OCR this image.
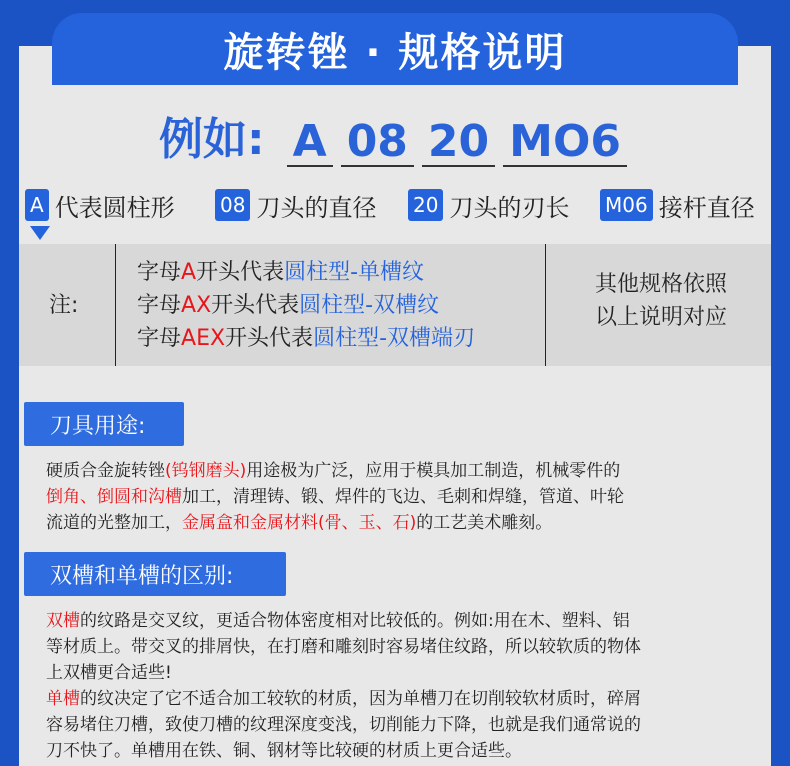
旋转锉 · 规格说明
例如: A 08 20 MO6
A 代表圆柱形 08 刀头的直径 20 刀头的刃长 M06 接杆直径
注:
字母A开头代表圆柱型-单槽纹
字母AX开头代表圆柱型-双槽纹
字母AEX开头代表圆柱型-双槽端刃
其他规格依照
以上说明对应
刀具用途:
硬质合金旋转锉(钨钢磨头)用途极为广泛，应用于模具加工制造，机械零件的
倒角、倒圆和沟槽加工，清理铸、锻、焊件的飞边、毛刺和焊缝，管道、叶轮
流道的光整加工，金属盒和金属材料(骨、玉、石)的工艺美术雕刻。
双槽和单槽的区别:
双槽的纹路是交叉纹，更适合物体密度相对比较低的。例如:用在木、塑料、铝
等材质上。带交叉的排屑快，在打磨和雕刻时容易堵住纹路，所以较软质的物体
上双槽更合适些!
单槽的纹决定了它不适合加工较软的材质，因为单槽刀在切削较软材质时，碎屑
容易堵住刀槽，致使刀槽的纹理深度变浅，切削能力下降，也就是我们通常说的
刀不快了。单槽用在铁、铜、钢材等比较硬的材质上更合适些。
